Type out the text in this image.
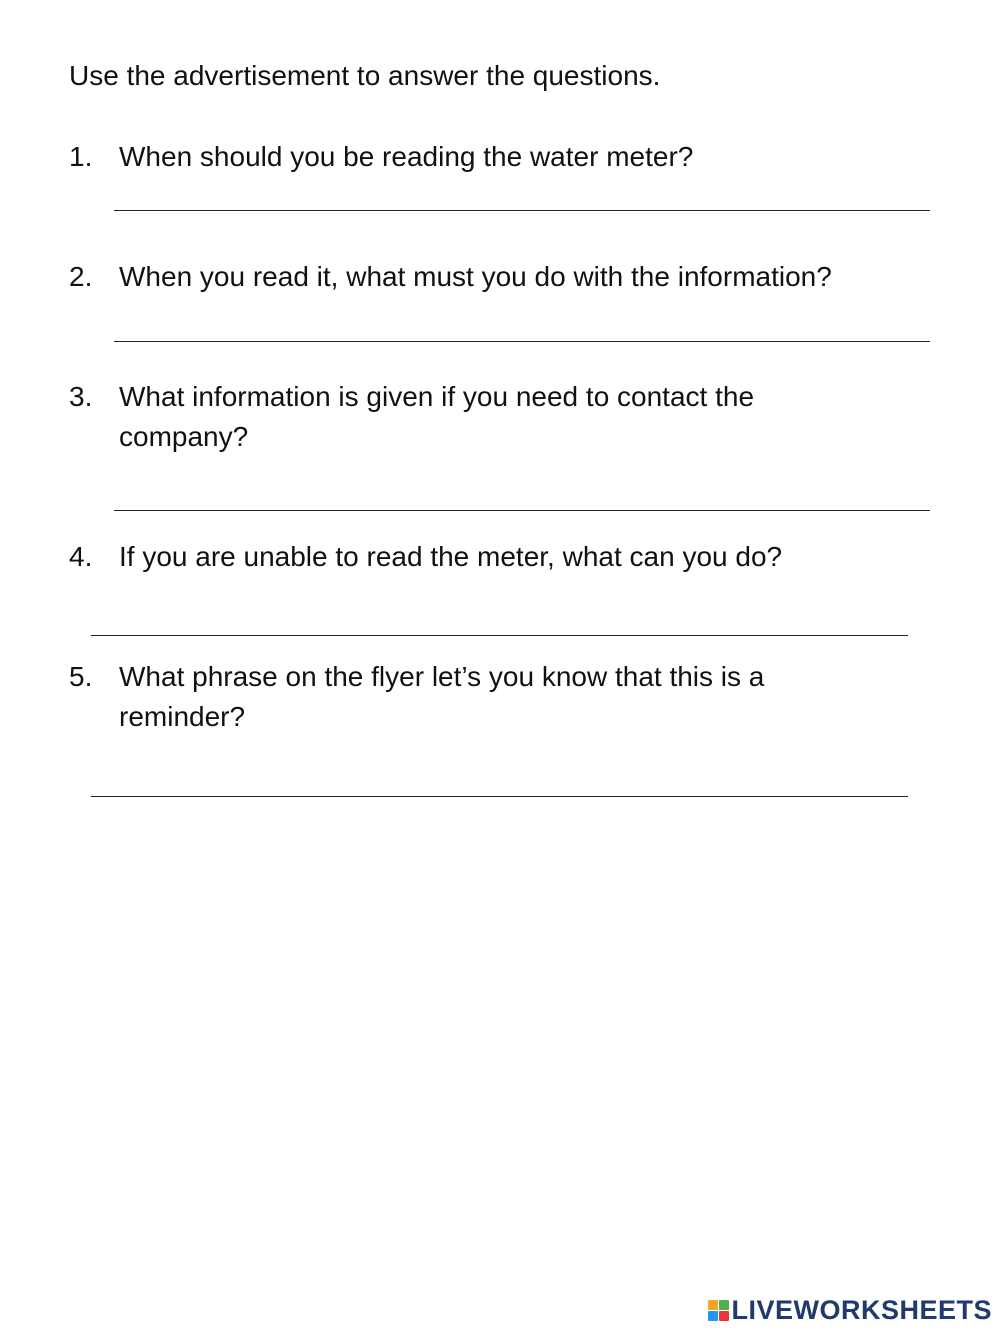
Use the advertisement to answer the questions.
1. When should you be reading the water meter?
2. When you read it, what must you do with the information?
3. What information is given if you need to contact the company?
4. If you are unable to read the meter, what can you do?
5. What phrase on the flyer let’s you know that this is a reminder?
LIVEWORKSHEETS
